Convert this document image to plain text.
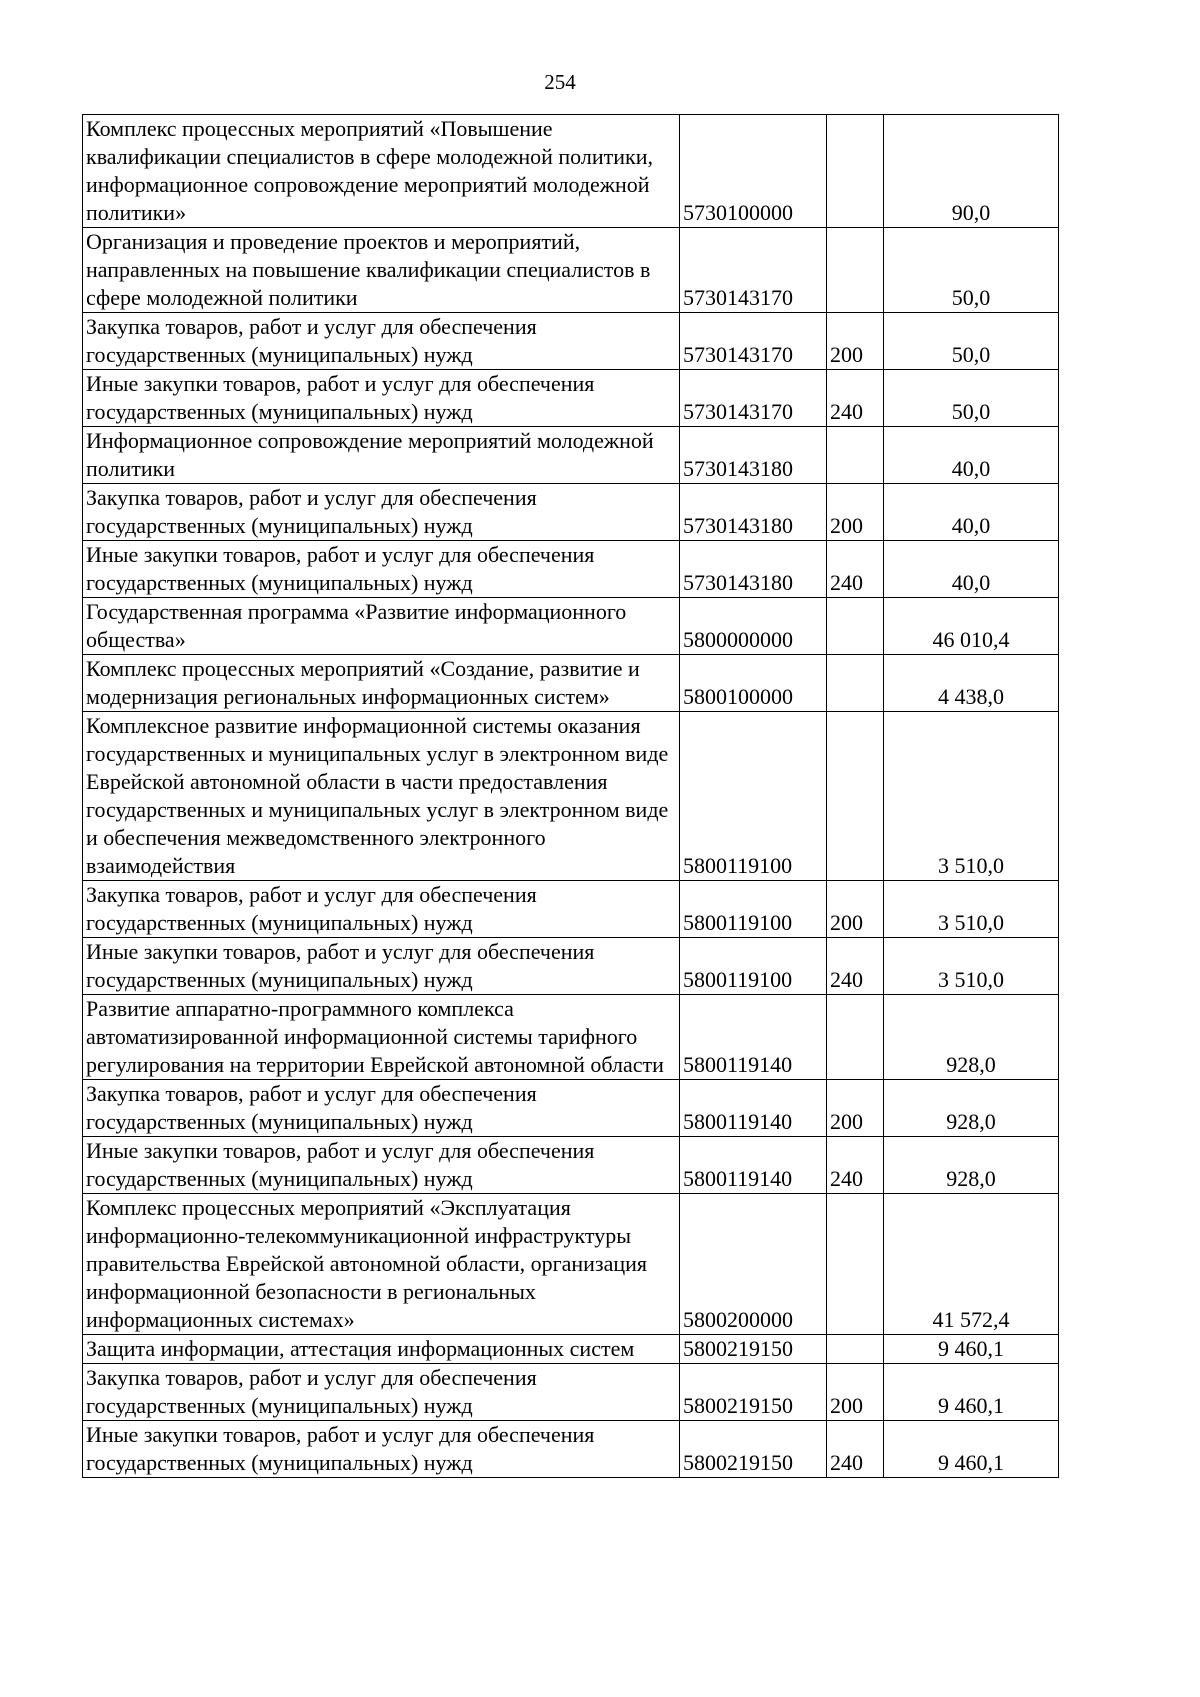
254
Комплекс процессных мероприятий «Повышение квалификации специалистов в сфере молодежной политики, информационное сопровождение мероприятий молодежной политики»	5730100000		90,0
Организация и проведение проектов и мероприятий, направленных на повышение квалификации специалистов в сфере молодежной политики	5730143170		50,0
Закупка товаров, работ и услуг для обеспечения государственных (муниципальных) нужд	5730143170	200	50,0
Иные закупки товаров, работ и услуг для обеспечения государственных (муниципальных) нужд	5730143170	240	50,0
Информационное сопровождение мероприятий молодежной политики	5730143180		40,0
Закупка товаров, работ и услуг для обеспечения государственных (муниципальных) нужд	5730143180	200	40,0
Иные закупки товаров, работ и услуг для обеспечения государственных (муниципальных) нужд	5730143180	240	40,0
Государственная программа «Развитие информационного общества»	5800000000		46 010,4
Комплекс процессных мероприятий «Создание, развитие и модернизация региональных информационных систем»	5800100000		4 438,0
Комплексное развитие информационной системы оказания государственных и муниципальных услуг в электронном виде Еврейской автономной области в части предоставления государственных и муниципальных услуг в электронном виде и обеспечения межведомственного электронного взаимодействия	5800119100		3 510,0
Закупка товаров, работ и услуг для обеспечения государственных (муниципальных) нужд	5800119100	200	3 510,0
Иные закупки товаров, работ и услуг для обеспечения государственных (муниципальных) нужд	5800119100	240	3 510,0
Развитие аппаратно-программного комплекса автоматизированной информационной системы тарифного регулирования на территории Еврейской автономной области	5800119140		928,0
Закупка товаров, работ и услуг для обеспечения государственных (муниципальных) нужд	5800119140	200	928,0
Иные закупки товаров, работ и услуг для обеспечения государственных (муниципальных) нужд	5800119140	240	928,0
Комплекс процессных мероприятий «Эксплуатация информационно-телекоммуникационной инфраструктуры правительства Еврейской автономной области, организация информационной безопасности в региональных информационных системах»	5800200000		41 572,4
Защита информации, аттестация информационных систем	5800219150		9 460,1
Закупка товаров, работ и услуг для обеспечения государственных (муниципальных) нужд	5800219150	200	9 460,1
Иные закупки товаров, работ и услуг для обеспечения государственных (муниципальных) нужд	5800219150	240	9 460,1
